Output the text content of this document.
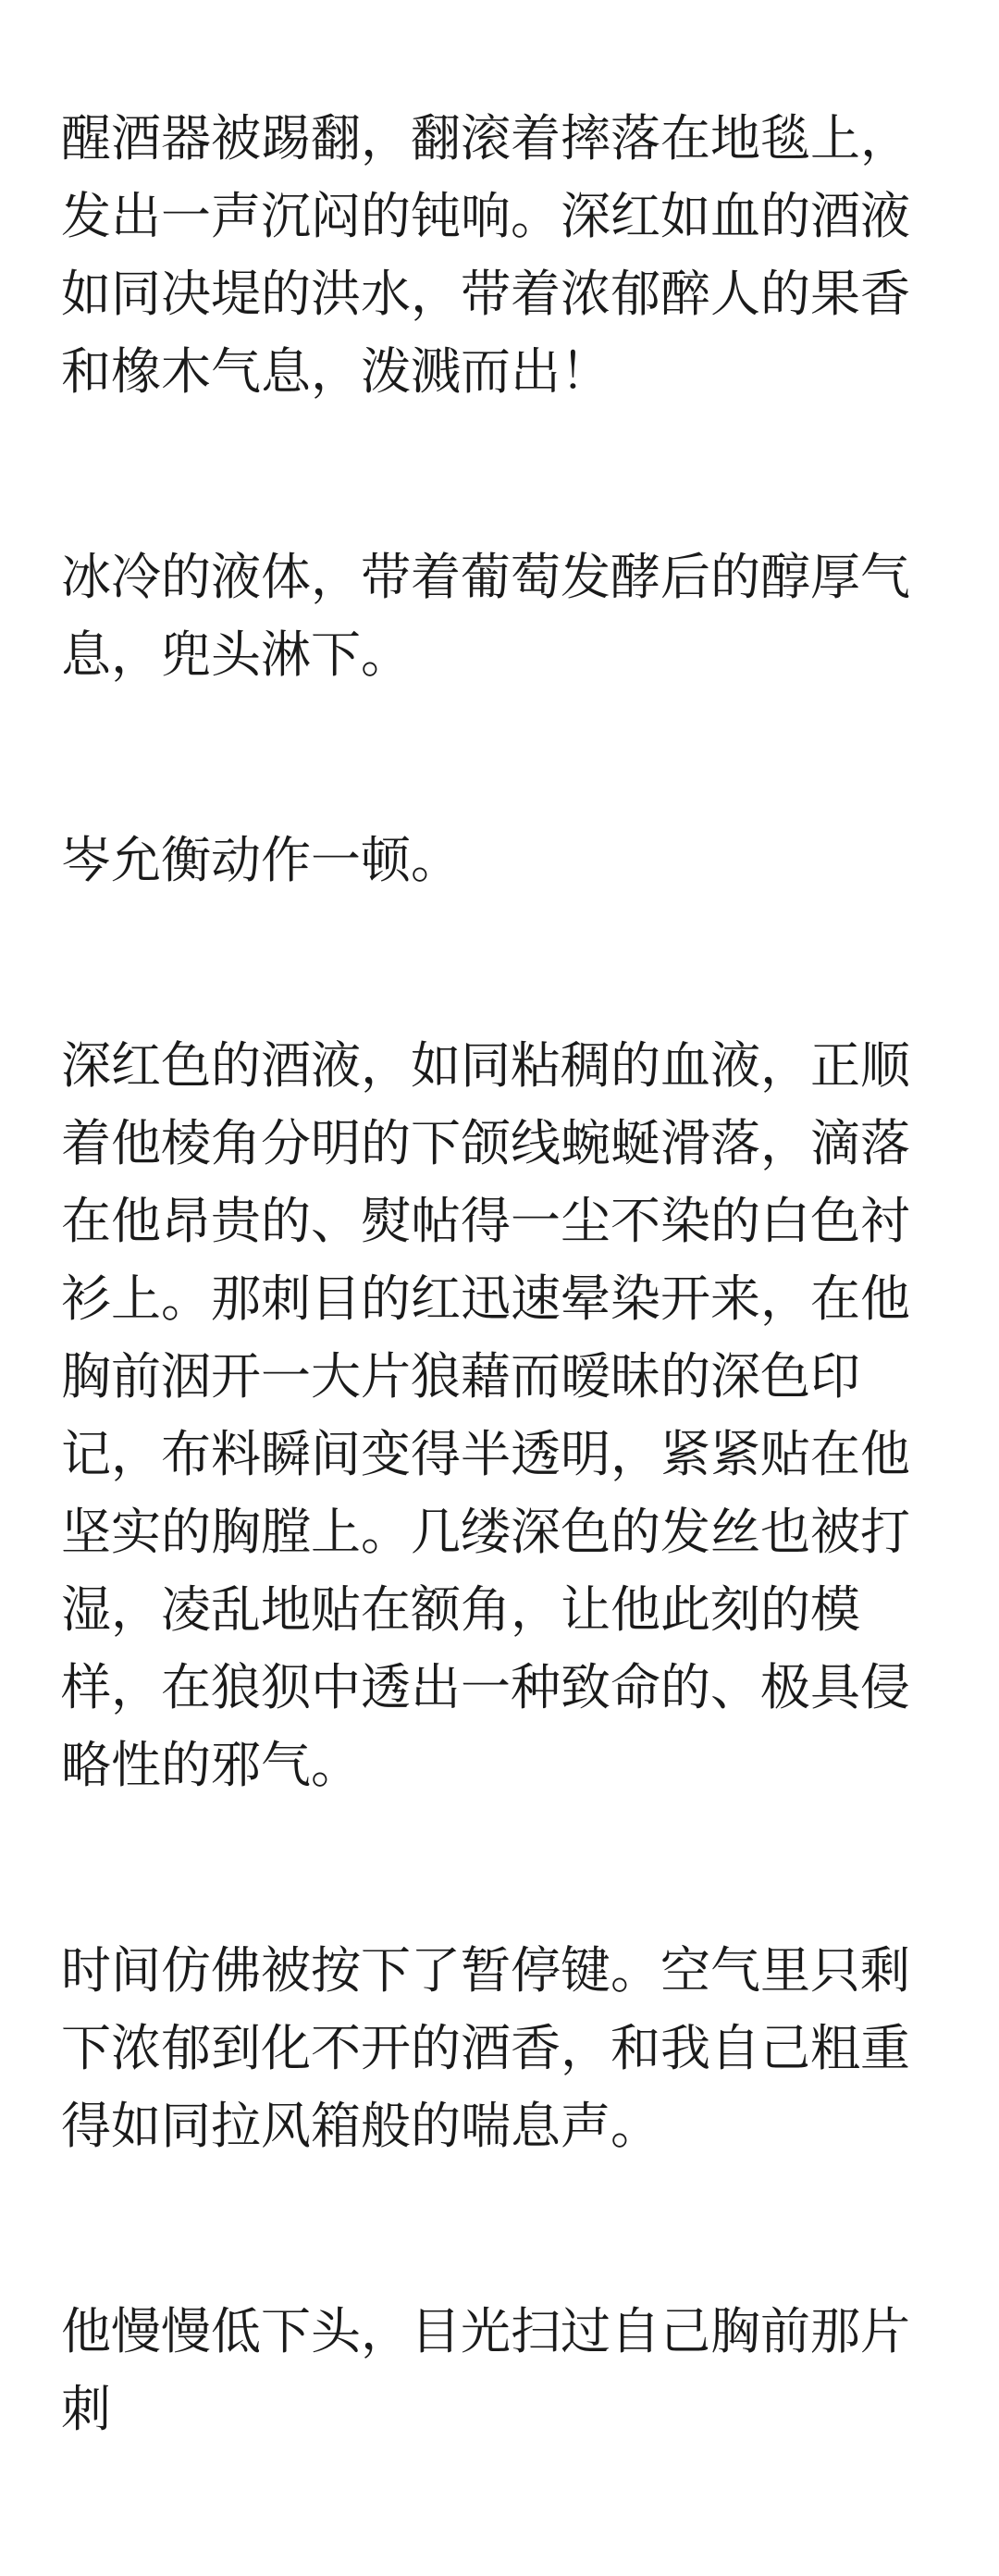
醒酒器被踢翻，翻滚着摔落在地毯上，发出一声沉闷的钝响。深红如血的酒液如同决堤的洪水，带着浓郁醉人的果香和橡木气息，泼溅而出！

冰冷的液体，带着葡萄发酵后的醇厚气息，兜头淋下。

岑允衡动作一顿。

深红色的酒液，如同粘稠的血液，正顺着他棱角分明的下颌线蜿蜒滑落，滴落在他昂贵的、熨帖得一尘不染的白色衬衫上。那刺目的红迅速晕染开来，在他胸前洇开一大片狼藉而暧昧的深色印记，布料瞬间变得半透明，紧紧贴在他坚实的胸膛上。几缕深色的发丝也被打湿，凌乱地贴在额角，让他此刻的模样，在狼狈中透出一种致命的、极具侵略性的邪气。

时间仿佛被按下了暂停键。空气里只剩下浓郁到化不开的酒香，和我自己粗重得如同拉风箱般的喘息声。

他慢慢低下头，目光扫过自己胸前那片刺
